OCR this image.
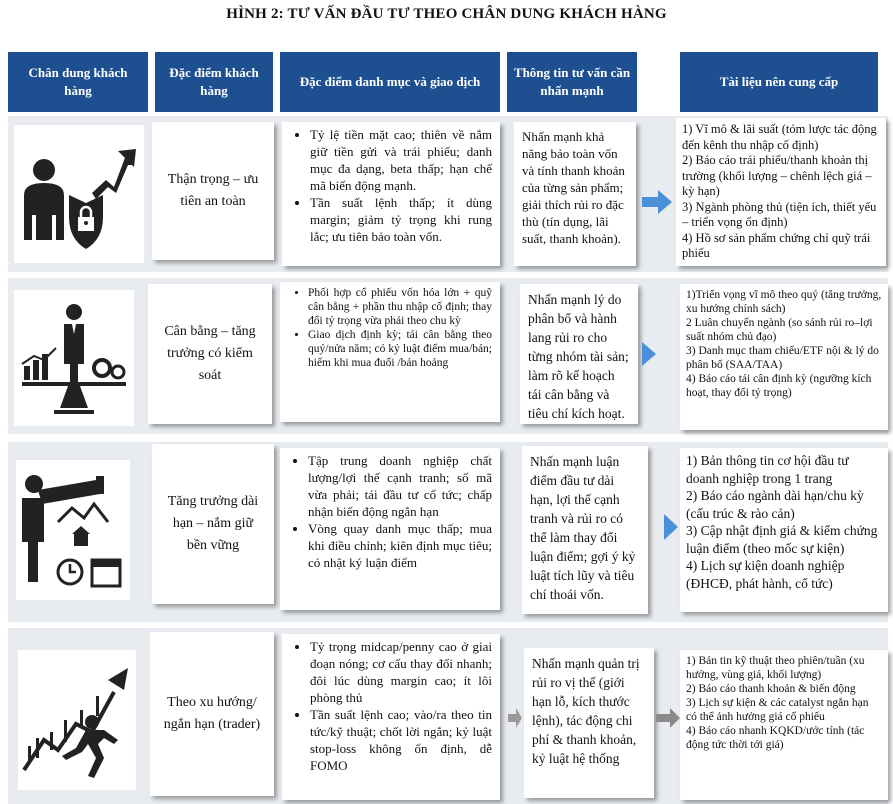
HÌNH 2: TƯ VẤN ĐẦU TƯ THEO CHÂN DUNG KHÁCH HÀNG
Chân dung khách hàng
Đặc điểm khách hàng
Đặc điểm danh mục và giao dịch
Thông tin tư vấn cần nhấn mạnh
Tài liệu nên cung cấp
Thận trọng – ưu tiên an toàn
• Tỷ lệ tiền mặt cao; thiên về nắm giữ tiền gửi và trái phiếu; danh mục đa dạng, beta thấp; hạn chế mã biến động mạnh.
• Tần suất lệnh thấp; ít dùng margin; giảm tỷ trọng khi rung lắc; ưu tiên bảo toàn vốn.
Nhấn mạnh khả năng bảo toàn vốn và tính thanh khoản của từng sản phẩm; giải thích rủi ro đặc thù (tín dụng, lãi suất, thanh khoản).
1) Vĩ mô & lãi suất (tóm lược tác động đến kênh thu nhập cố định)
2) Báo cáo trái phiếu/thanh khoản thị trường (khối lượng – chênh lệch giá – kỳ hạn)
3) Ngành phòng thủ (tiện ích, thiết yếu – triển vọng ổn định)
4) Hồ sơ sản phẩm chứng chỉ quỹ trái phiếu
Cân bằng – tăng trưởng có kiểm soát
• Phối hợp cổ phiếu vốn hóa lớn + quỹ cân bằng + phần thu nhập cố định; thay đổi tỷ trọng vừa phải theo chu kỳ
• Giao dịch định kỳ; tái cân bằng theo quý/nửa năm; có kỷ luật điểm mua/bán; hiếm khi mua đuổi /bán hoảng
Nhấn mạnh lý do phân bổ và hành lang rủi ro cho từng nhóm tài sản; làm rõ kế hoạch tái cân bằng và tiêu chí kích hoạt.
1)Triển vọng vĩ mô theo quý (tăng trưởng, xu hướng chính sách)
2 Luân chuyển ngành (so sánh rủi ro–lợi suất nhóm chủ đạo)
3) Danh mục tham chiếu/ETF nội & lý do phân bổ (SAA/TAA)
4) Báo cáo tái cân định kỳ (ngưỡng kích hoạt, thay đổi tỷ trọng)
Tăng trưởng dài hạn – nắm giữ bền vững
• Tập trung doanh nghiệp chất lượng/lợi thế cạnh tranh; số mã vừa phải; tái đầu tư cổ tức; chấp nhận biến động ngắn hạn
• Vòng quay danh mục thấp; mua khi điều chỉnh; kiên định mục tiêu; có nhật ký luận điểm
Nhấn mạnh luận điểm đầu tư dài hạn, lợi thế cạnh tranh và rủi ro có thể làm thay đổi luận điểm; gợi ý kỷ luật tích lũy và tiêu chí thoái vốn.
1) Bản thông tin cơ hội đầu tư doanh nghiệp trong 1 trang
2) Báo cáo ngành dài hạn/chu kỳ (cấu trúc & rào cản)
3) Cập nhật định giá & kiểm chứng luận điểm (theo mốc sự kiện)
4) Lịch sự kiện doanh nghiệp (ĐHCĐ, phát hành, cổ tức)
Theo xu hướng/ ngắn hạn (trader)
• Tỷ trọng midcap/penny cao ở giai đoạn nóng; cơ cấu thay đổi nhanh; đôi lúc dùng margin cao; ít lôi phòng thủ
• Tần suất lệnh cao; vào/ra theo tin tức/kỹ thuật; chốt lời ngắn; kỷ luật stop-loss không ổn định, dễ FOMO
Nhấn mạnh quản trị rủi ro vị thế (giới hạn lỗ, kích thước lệnh), tác động chi phí & thanh khoản, kỷ luật hệ thống
1) Bản tin kỹ thuật theo phiên/tuần (xu hướng, vùng giá, khối lượng)
2) Báo cáo thanh khoản & biến động
3) Lịch sự kiện & các catalyst ngắn hạn có thể ảnh hưởng giá cổ phiếu
4) Báo cáo nhanh KQKD/ước tính (tác động tức thời tới giá)
